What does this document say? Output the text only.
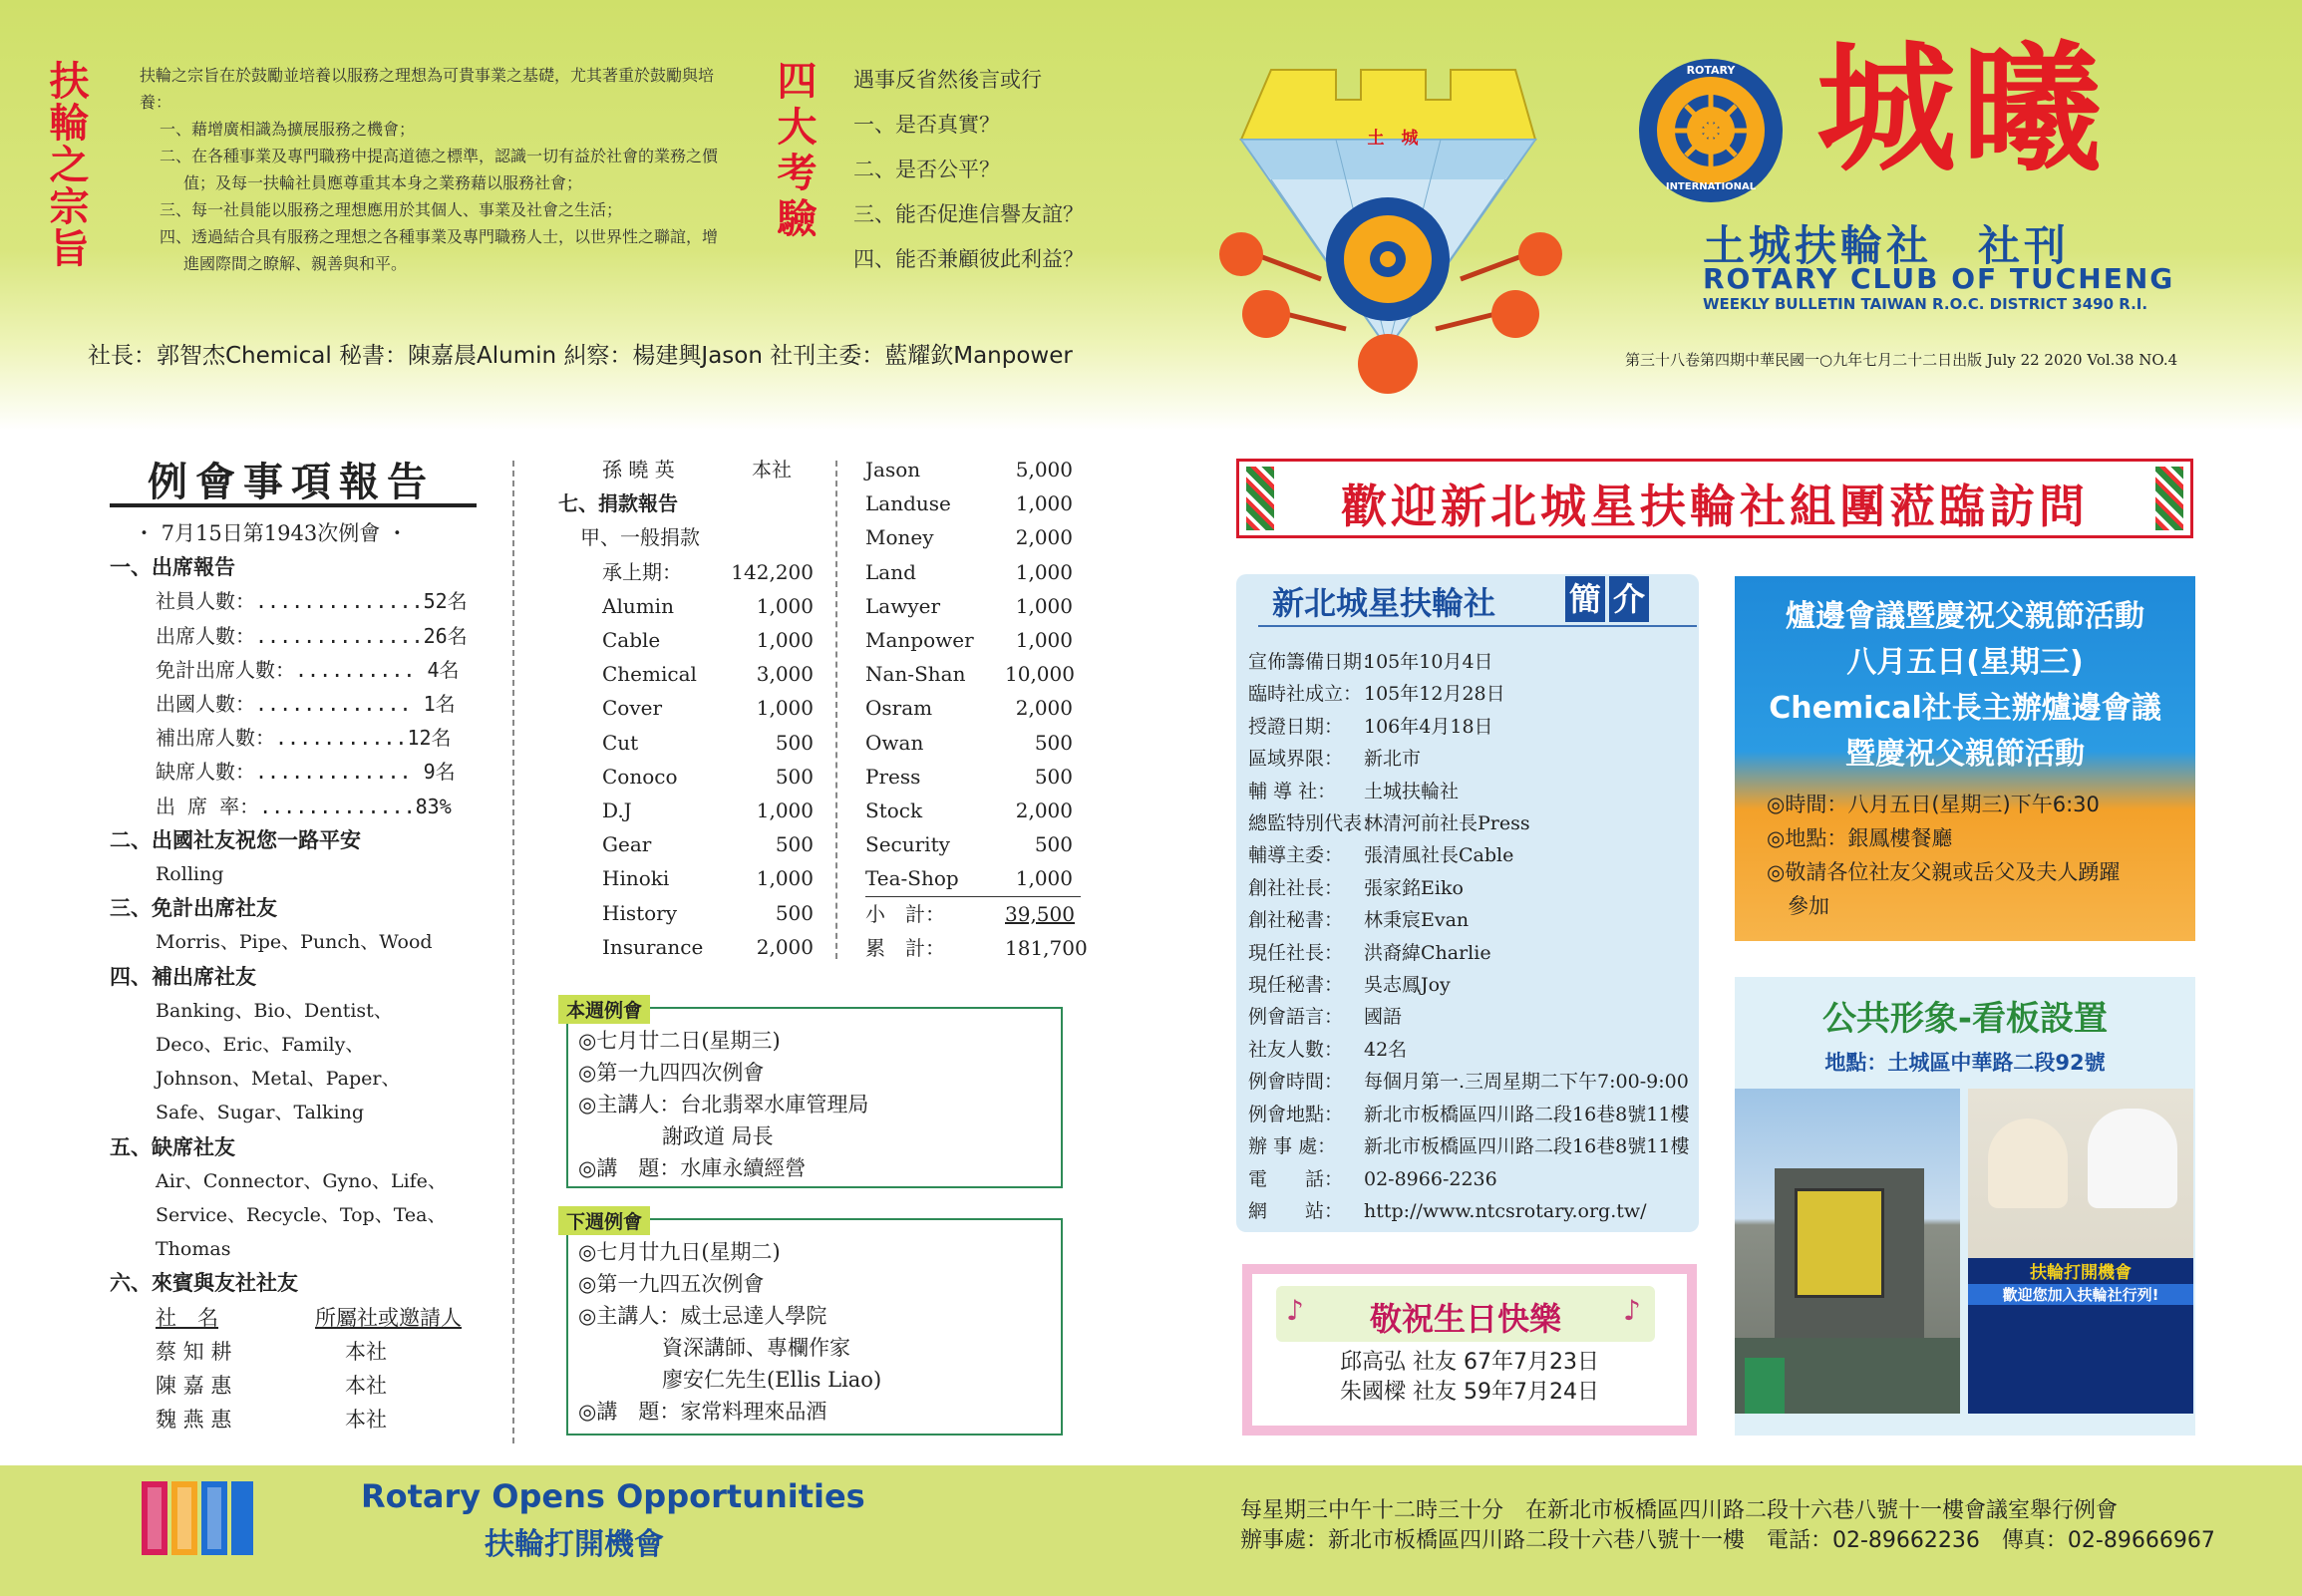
扶輪之宗旨	扶輪之宗旨在於鼓勵並培養以服務之理想為可貴事業之基礎，尤其著重於鼓勵與培養：
一、藉增廣相識為擴展服務之機會；
二、在各種事業及專門職務中提高道德之標準，認識一切有益於社會的業務之價值；及每一扶輪社員應尊重其本身之業務藉以服務社會；
三、每一社員能以服務之理想應用於其個人、事業及社會之生活；
四、透過結合具有服務之理想之各種事業及專門職務人士，以世界性之聯誼，增進國際間之瞭解、親善與和平。
四大考驗 遇事反省然後言或行
一、是否真實？
二、是否公平？
三、能否促進信譽友誼？
四、能否兼顧彼此利益？
土　城
ROTARY
INTERNATIONAL 城曦
土城扶輪社　社刊
ROTARY CLUB OF TUCHENG
WEEKLY BULLETIN TAIWAN R.O.C. DISTRICT 3490 R.I.
社長：郭智杰Chemical 秘書：陳嘉晨Alumin 糾察：楊建興Jason 社刊主委：藍耀欽Manpower	第三十八卷第四期中華民國一○九年七月二十二日出版 July 22 2020 Vol.38 NO.4
例會事項報告
・ 7月15日第1943次例會 ・
一、出席報告
社員人數：..............52名
出席人數：..............26名
免計出席人數：.......... 4名
出國人數：............. 1名
補出席人數：...........12名
缺席人數：............. 9名
出 席 率：.............83%
二、出國社友祝您一路平安
Rolling
三、免計出席社友
Morris、Pipe、Punch、Wood
四、補出席社友
Banking、Bio、Dentist、
Deco、Eric、Family、
Johnson、Metal、Paper、
Safe、Sugar、Talking
五、缺席社友
Air、Connector、Gyno、Life、
Service、Recycle、Top、Tea、
Thomas
六、來賓與友社社友
社　名	所屬社或邀請人
蔡 知 耕	本社
陳 嘉 惠	本社
魏 燕 惠	本社
孫 曉 英	本社
七、捐款報告
甲、一般捐款
承上期：	142,200
Alumin	1,000
Cable	1,000
Chemical	3,000
Cover	1,000
Cut	500
Conoco	500
D.J	1,000
Gear	500
Hinoki	1,000
History	500
Insurance	2,000
Jason	5,000
Landuse	1,000
Money	2,000
Land	1,000
Lawyer	1,000
Manpower	1,000
Nan-Shan	10,000
Osram	2,000
Owan	500
Press	500
Stock	2,000
Security	500
Tea-Shop	1,000
小　計：	39,500
累　計：	181,700
本週例會
◎七月廿二日(星期三)
◎第一九四四次例會
◎主講人：台北翡翠水庫管理局
　　　　謝政道 局長
◎講　題：水庫永續經營
下週例會
◎七月廿九日(星期二)
◎第一九四五次例會
◎主講人：威士忌達人學院
　　　　資深講師、專欄作家
　　　　廖安仁先生(Ellis Liao)
◎講　題：家常料理來品酒
歡迎新北城星扶輪社組團蒞臨訪問
新北城星扶輪社 簡 介
宣佈籌備日期：
105年10月4日
臨時社成立： 105年12月28日
授證日期：	106年4月18日
區域界限：	新北市
輔 導 社：	土城扶輪社
總監特別代表：
林清河前社長Press
輔導主委：	張清風社長Cable
創社社長：	張家銘Eiko
創社秘書：	林秉宸Evan
現任社長：	洪裔緯Charlie
現任秘書：	吳志鳳Joy
例會語言：	國語
社友人數：	42名
例會時間：	每個月第一.三周星期二下午7:00-9:00
例會地點：	新北市板橋區四川路二段16巷8號11樓
辦 事 處：	新北市板橋區四川路二段16巷8號11樓
電　　話：	02-8966-2236
網　　站：	http://www.ntcsrotary.org.tw/
♪	♪
敬祝生日快樂
邱高弘 社友 67年7月23日
朱國樑 社友 59年7月24日
爐邊會議暨慶祝父親節活動
八月五日(星期三)
Chemical社長主辦爐邊會議
暨慶祝父親節活動
◎時間：八月五日(星期三)下午6:30
◎地點：銀鳳樓餐廳
◎敬請各位社友父親或岳父及夫人踴躍
　參加
公共形象-看板設置
地點：土城區中華路二段92號
扶輪打開機會
歡迎您加入扶輪社行列!
Rotary Opens Opportunities
扶輪打開機會
每星期三中午十二時三十分　在新北市板橋區四川路二段十六巷八號十一樓會議室舉行例會
辦事處：新北市板橋區四川路二段十六巷八號十一樓　電話：02-89662236　傳真：02-89666967
